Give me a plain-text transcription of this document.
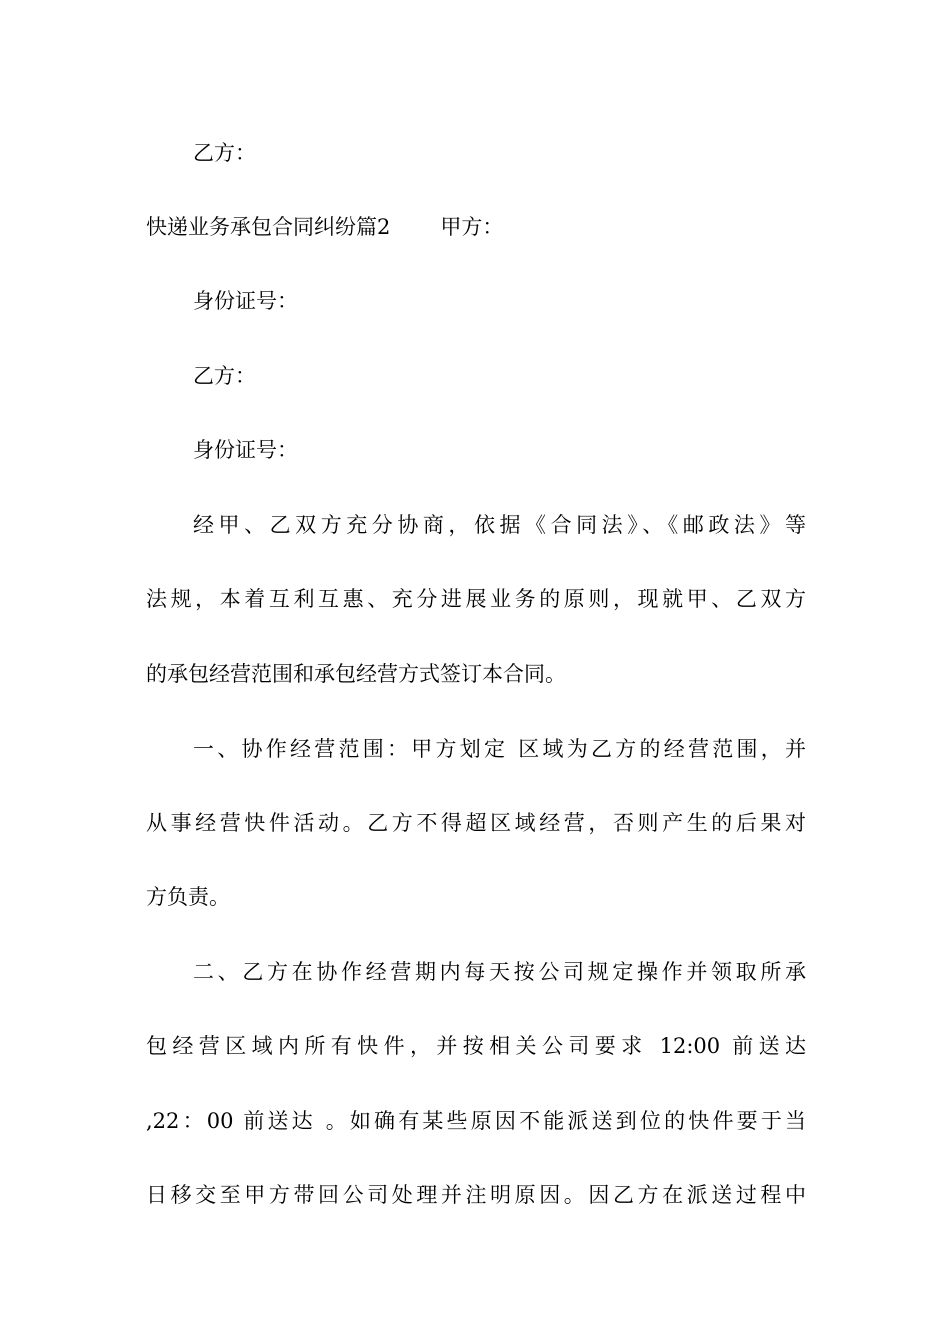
乙方：
快递业务承包合同纠纷篇2 甲方：
身份证号：
乙方：
身份证号：
经甲、乙双方充分协商，依据《合同法》、《邮政法》等
法规，本着互利互惠、充分进展业务的原则，现就甲、乙双方
的承包经营范围和承包经营方式签订本合同。
一、协作经营范围：甲方划定 区域为乙方的经营范围，并
从事经营快件活动。乙方不得超区域经营，否则产生的后果对
方负责。
二、乙方在协作经营期内每天按公司规定操作并领取所承
包经营区域内所有快件，并按相关公司要求 12:00 前送达
,22：00 前送达 。如确有某些原因不能派送到位的快件要于当
日移交至甲方带回公司处理并注明原因。因乙方在派送过程中
